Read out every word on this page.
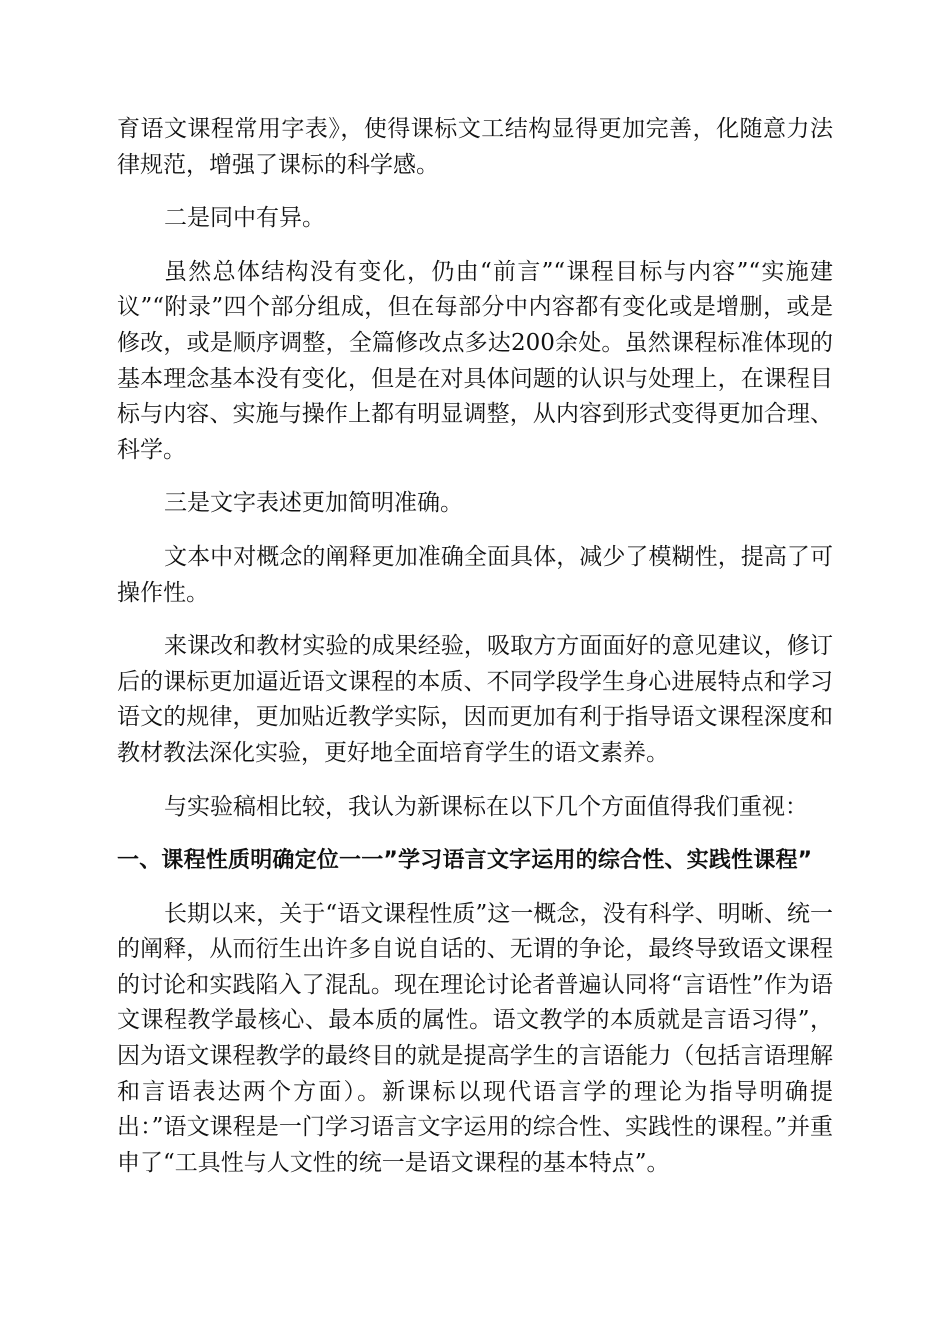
育语文课程常用字表》，使得课标文工结构显得更加完善，化随意力法律规范，增强了课标的科学感。

二是同中有异。

虽然总体结构没有变化，仍由“前言”“课程目标与内容”“实施建议”“附录”四个部分组成，但在每部分中内容都有变化或是增删，或是修改，或是顺序调整，全篇修改点多达200余处。虽然课程标准体现的基本理念基本没有变化，但是在对具体问题的认识与处理上，在课程目标与内容、实施与操作上都有明显调整，从内容到形式变得更加合理、科学。

三是文字表述更加简明准确。

文本中对概念的阐释更加准确全面具体，减少了模糊性，提高了可操作性。

来课改和教材实验的成果经验，吸取方方面面好的意见建议，修订后的课标更加逼近语文课程的本质、不同学段学生身心进展特点和学习语文的规律，更加贴近教学实际，因而更加有利于指导语文课程深度和教材教法深化实验，更好地全面培育学生的语文素养。

与实验稿相比较，我认为新课标在以下几个方面值得我们重视：

一、课程性质明确定位一一”学习语言文字运用的综合性、实践性课程”

长期以来，关于“语文课程性质”这一概念，没有科学、明晰、统一的阐释，从而衍生出许多自说自话的、无谓的争论，最终导致语文课程的讨论和实践陷入了混乱。现在理论讨论者普遍认同将“言语性”作为语文课程教学最核心、最本质的属性。语文教学的本质就是言语习得”，因为语文课程教学的最终目的就是提高学生的言语能力（包括言语理解和言语表达两个方面）。新课标以现代语言学的理论为指导明确提出：”语文课程是一门学习语言文字运用的综合性、实践性的课程。”并重申了“工具性与人文性的统一是语文课程的基本特点”。
